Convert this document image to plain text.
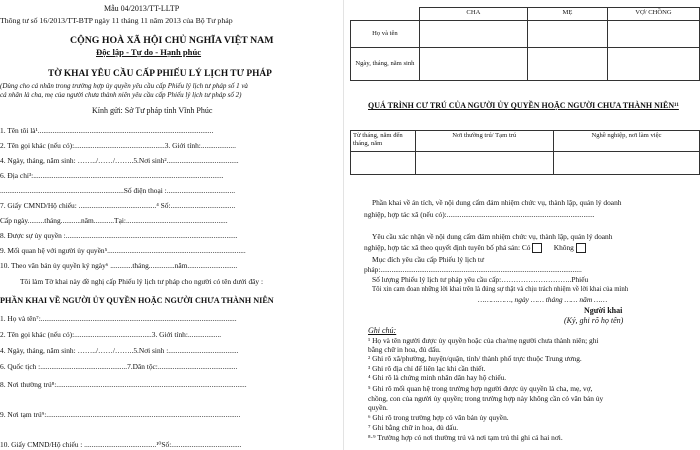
Mẫu 04/2013/TT-LLTP
Thông tư số 16/2013/TT-BTP ngày 11 tháng 11 năm 2013 của Bộ Tư pháp
CỘNG HOÀ XÃ HỘI CHỦ NGHĨA VIỆT NAM
Độc lập - Tự do - Hạnh phúc
TỜ KHAI YÊU CẦU CẤP PHIẾU LÝ LỊCH TƯ PHÁP
(Dùng cho cá nhân trong trường hợp ủy quyền yêu cầu cấp Phiếu lý lịch tư pháp số 1 và
cá nhân là cha, mẹ của người chưa thành niên yêu cầu cấp Phiếu lý lịch tư pháp số 2)
Kính gửi: Sở Tư pháp tỉnh Vĩnh Phúc
1. Tên tôi là¹...............................................................................................
2. Tên gọi khác (nếu có):.................................................3. Giới tính:...................
4. Ngày, tháng, năm sinh: ……../……/……..5.Nơi sinh².......................................
6. Địa chỉ³:.......................................................................................................
...................................................................Số điện thoại :.....................................
7. Giấy CMND/Hộ chiếu: ..........................................⁴ Số:...................................
Cấp ngày.........tháng...........năm...........Tại:.......................................................
8. Được sự ủy quyền :.............................................................................................
9. Mối quan hệ với người ủy quyền⁵...........................................................................
10. Theo văn bản ủy quyền ký ngày⁶ ............tháng..............năm...........................
Tôi làm Tờ khai này đề nghị cấp Phiếu lý lịch tư pháp cho người có tên dưới đây :
PHẦN KHAI VỀ NGƯỜI ỦY QUYỀN HOẶC NGƯỜI CHƯA THÀNH NIÊN
1. Họ và tên⁷:..........................................................................................................
2. Tên gọi khác (nếu có):..........................................3. Giới tính:..................
4. Ngày, tháng, năm sinh: ……../……/……..5.Nơi sinh :......................................
6. Quốc tịch :...............................................7.Dân tộc:...........................................
8. Nơi thường trú⁸:.......................................................................................................
9. Nơi tạm trú⁹:.........................................................................................................
10. Giấy CMND/Hộ chiếu : .......................................¹⁰Số:......................................
	CHA	MẸ	VỢ/ CHỒNG
Họ và tên			
Ngày, tháng, năm sinh			
QUÁ TRÌNH CƯ TRÚ CỦA NGƯỜI ỦY QUYỀN HOẶC NGƯỜI CHƯA THÀNH NIÊN¹¹
Từ tháng, năm đến tháng, năm	Nơi thường trú/ Tạm trú	Nghề nghiệp, nơi làm việc

Phần khai về án tích, về nội dung cấm đảm nhiệm chức vụ, thành lập, quản lý doanh
nghiệp, hợp tác xã (nếu có):................................................................................
Yêu cầu xác nhận về nội dung cấm đảm nhiệm chức vụ, thành lập, quản lý doanh
nghiệp, hợp tác xã theo quyết định tuyên bố phá sản: Có	Không
Mục đích yêu cầu cấp Phiếu lý lịch tư
pháp:.............................................................................................................
Số lượng Phiếu lý lịch tư pháp yêu cầu cấp:………………………..Phiếu
Tôi xin cam đoan những lời khai trên là đúng sự thật và chịu trách nhiệm về lời khai của mình
……………, ngày …… tháng …… năm ……
Người khai
(Ký, ghi rõ họ tên)
Ghi chú:
¹ Họ và tên người được ủy quyền hoặc của cha/mẹ người chưa thành niên; ghi
bằng chữ in hoa, đủ dấu.
² Ghi rõ xã/phường, huyện/quận, tỉnh/ thành phố trực thuộc Trung ương.
³ Ghi rõ địa chỉ để liên lạc khi cần thiết.
⁴ Ghi rõ là chứng minh nhân dân hay hộ chiếu.
⁵ Ghi rõ mối quan hệ trong trường hợp người được ủy quyền là cha, mẹ, vợ,
chồng, con của người ủy quyền; trong trường hợp này không cần có văn bản ủy
quyền.
⁶ Ghi rõ trong trường hợp có văn bản ủy quyền.
⁷ Ghi bằng chữ in hoa, đủ dấu.
⁸·⁹ Trường hợp có nơi thường trú và nơi tạm trú thì ghi cả hai nơi.
